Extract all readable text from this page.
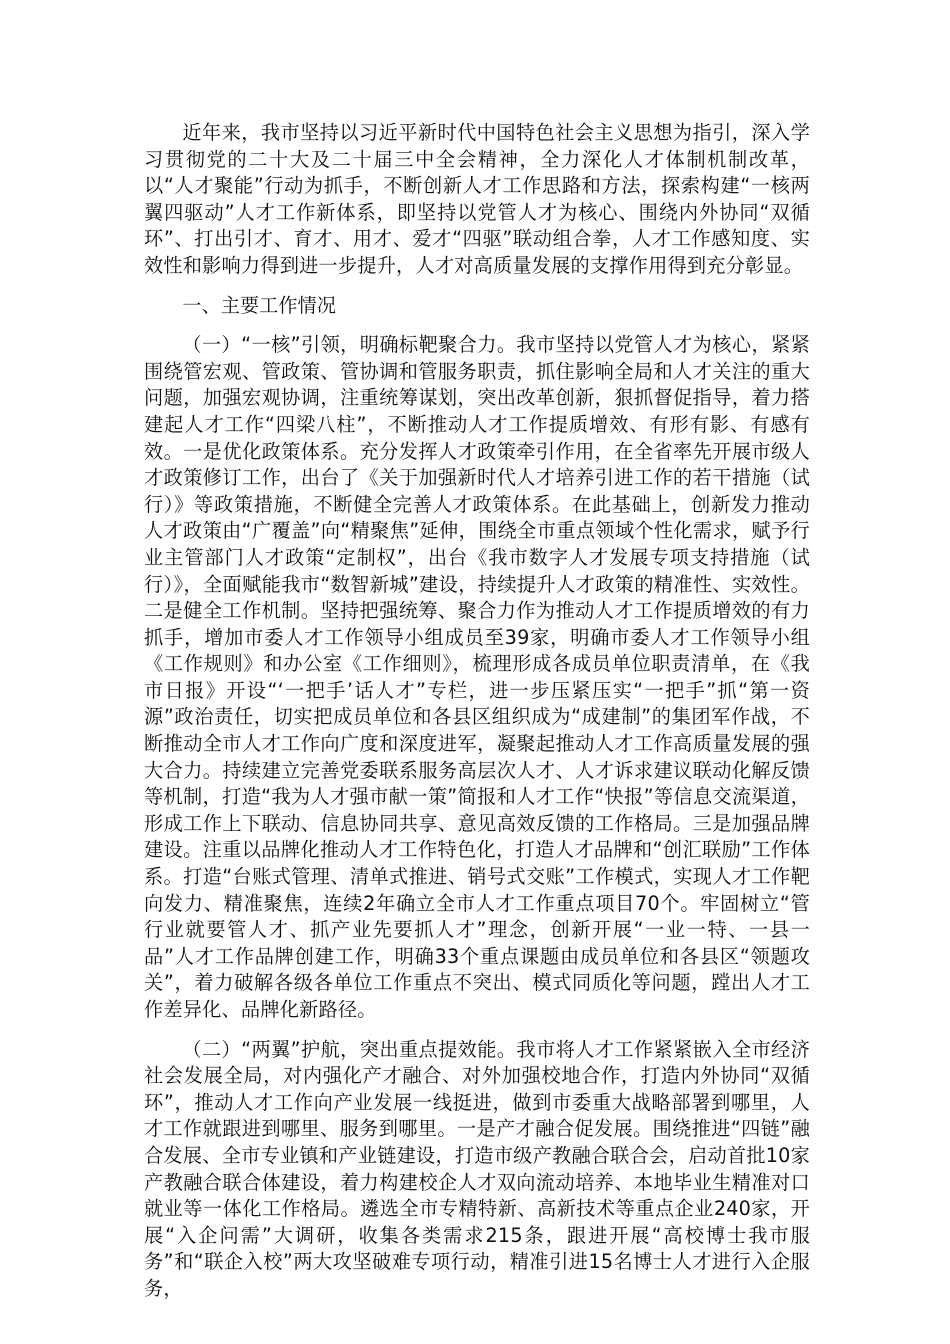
近年来，我市坚持以习近平新时代中国特色社会主义思想为指引，深入学习贯彻党的二十大及二十届三中全会精神，全力深化人才体制机制改革，以“人才聚能”行动为抓手，不断创新人才工作思路和方法，探索构建“一核两翼四驱动”人才工作新体系，即坚持以党管人才为核心、围绕内外协同“双循环”、打出引才、育才、用才、爱才“四驱”联动组合拳，人才工作感知度、实效性和影响力得到进一步提升，人才对高质量发展的支撑作用得到充分彰显。

一、主要工作情况

（一）“一核”引领，明确标靶聚合力。我市坚持以党管人才为核心，紧紧围绕管宏观、管政策、管协调和管服务职责，抓住影响全局和人才关注的重大问题，加强宏观协调，注重统筹谋划，突出改革创新，狠抓督促指导，着力搭建起人才工作“四梁八柱”，不断推动人才工作提质增效、有形有影、有感有效。一是优化政策体系。充分发挥人才政策牵引作用，在全省率先开展市级人才政策修订工作，出台了《关于加强新时代人才培养引进工作的若干措施（试行）》等政策措施，不断健全完善人才政策体系。在此基础上，创新发力推动人才政策由“广覆盖”向“精聚焦”延伸，围绕全市重点领域个性化需求，赋予行业主管部门人才政策“定制权”，出台《我市数字人才发展专项支持措施（试行）》，全面赋能我市“数智新城”建设，持续提升人才政策的精准性、实效性。二是健全工作机制。坚持把强统筹、聚合力作为推动人才工作提质增效的有力抓手，增加市委人才工作领导小组成员至39家，明确市委人才工作领导小组《工作规则》和办公室《工作细则》，梳理形成各成员单位职责清单，在《我市日报》开设“‘一把手’话人才”专栏，进一步压紧压实“一把手”抓“第一资源”政治责任，切实把成员单位和各县区组织成为“成建制”的集团军作战，不断推动全市人才工作向广度和深度进军，凝聚起推动人才工作高质量发展的强大合力。持续建立完善党委联系服务高层次人才、人才诉求建议联动化解反馈等机制，打造“我为人才强市献一策”简报和人才工作“快报”等信息交流渠道，形成工作上下联动、信息协同共享、意见高效反馈的工作格局。三是加强品牌建设。注重以品牌化推动人才工作特色化，打造人才品牌和“创汇联励”工作体系。打造“台账式管理、清单式推进、销号式交账”工作模式，实现人才工作靶向发力、精准聚焦，连续2年确立全市人才工作重点项目70个。牢固树立“管行业就要管人才、抓产业先要抓人才”理念，创新开展“一业一特、一县一品”人才工作品牌创建工作，明确33个重点课题由成员单位和各县区“领题攻关”，着力破解各级各单位工作重点不突出、模式同质化等问题，蹚出人才工作差异化、品牌化新路径。

（二）“两翼”护航，突出重点提效能。我市将人才工作紧紧嵌入全市经济社会发展全局，对内强化产才融合、对外加强校地合作，打造内外协同“双循环”，推动人才工作向产业发展一线挺进，做到市委重大战略部署到哪里，人才工作就跟进到哪里、服务到哪里。一是产才融合促发展。围绕推进“四链”融合发展、全市专业镇和产业链建设，打造市级产教融合联合会，启动首批10家产教融合联合体建设，着力构建校企人才双向流动培养、本地毕业生精准对口就业等一体化工作格局。遴选全市专精特新、高新技术等重点企业240家，开展“入企问需”大调研，收集各类需求215条，跟进开展“高校博士我市服务”和“联企入校”两大攻坚破难专项行动，精准引进15名博士人才进行入企服务，
